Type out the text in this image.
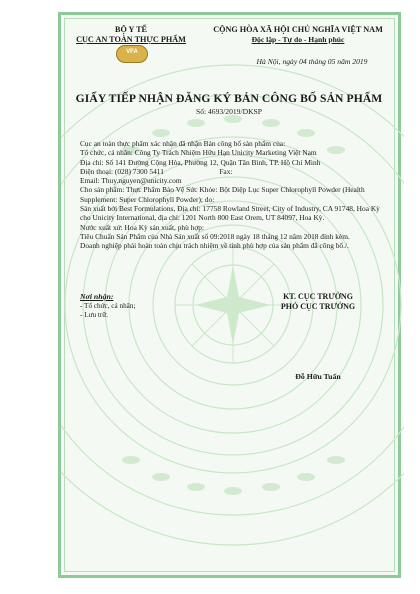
BỘ Y TẾ
CỤC AN TOÀN THỰC PHẨM
VFA
CỘNG HÒA XÃ HỘI CHỦ NGHĨA VIỆT NAM
Độc lập - Tự do - Hạnh phúc
Hà Nội, ngày 04 tháng 05 năm 2019
GIẤY TIẾP NHẬN ĐĂNG KÝ BẢN CÔNG BỐ SẢN PHẨM
Số: 4693/2019/DKSP

Cục an toàn thực phẩm xác nhận đã nhận Bản công bố sản phẩm của:

Tổ chức, cá nhân: Công Ty Trách Nhiệm Hữu Hạn Unicity Marketing Việt Nam

Địa chỉ: Số 141 Đường Cộng Hòa, Phường 12, Quận Tân Bình, TP. Hồ Chí Minh

Điện thoại: (028) 7300 5411                              Fax:

Email: Thuy.nguyen@unicity.com

Cho sản phẩm: Thực Phẩm Bảo Vệ Sức Khỏe: Bột Diệp Lục Super Chlorophyll Powder (Health Supplement: Super Chlorophyll Powder); do:

Sản xuất bởi Best Formulations, Địa chỉ: 17758 Rowland Street, City of Industry, CA 91748, Hoa Kỳ cho Unicity International, địa chỉ: 1201 North 800 East Orem, UT 84097, Hoa Kỳ.

Nước xuất xứ: Hoa Kỳ sản xuất, phù hợp:

Tiêu Chuẩn Sản Phẩm của Nhà Sản xuất số 09:2018 ngày 18 tháng 12 năm 2018 đính kèm.

Doanh nghiệp phải hoàn toàn chịu trách nhiệm về tính phù hợp của sản phẩm đã công bố./.

Nơi nhận:
- Tổ chức, cá nhân;
- Lưu trữ.
KT. CỤC TRƯỞNG
PHÓ CỤC TRƯỞNG
Đỗ Hữu Tuấn
